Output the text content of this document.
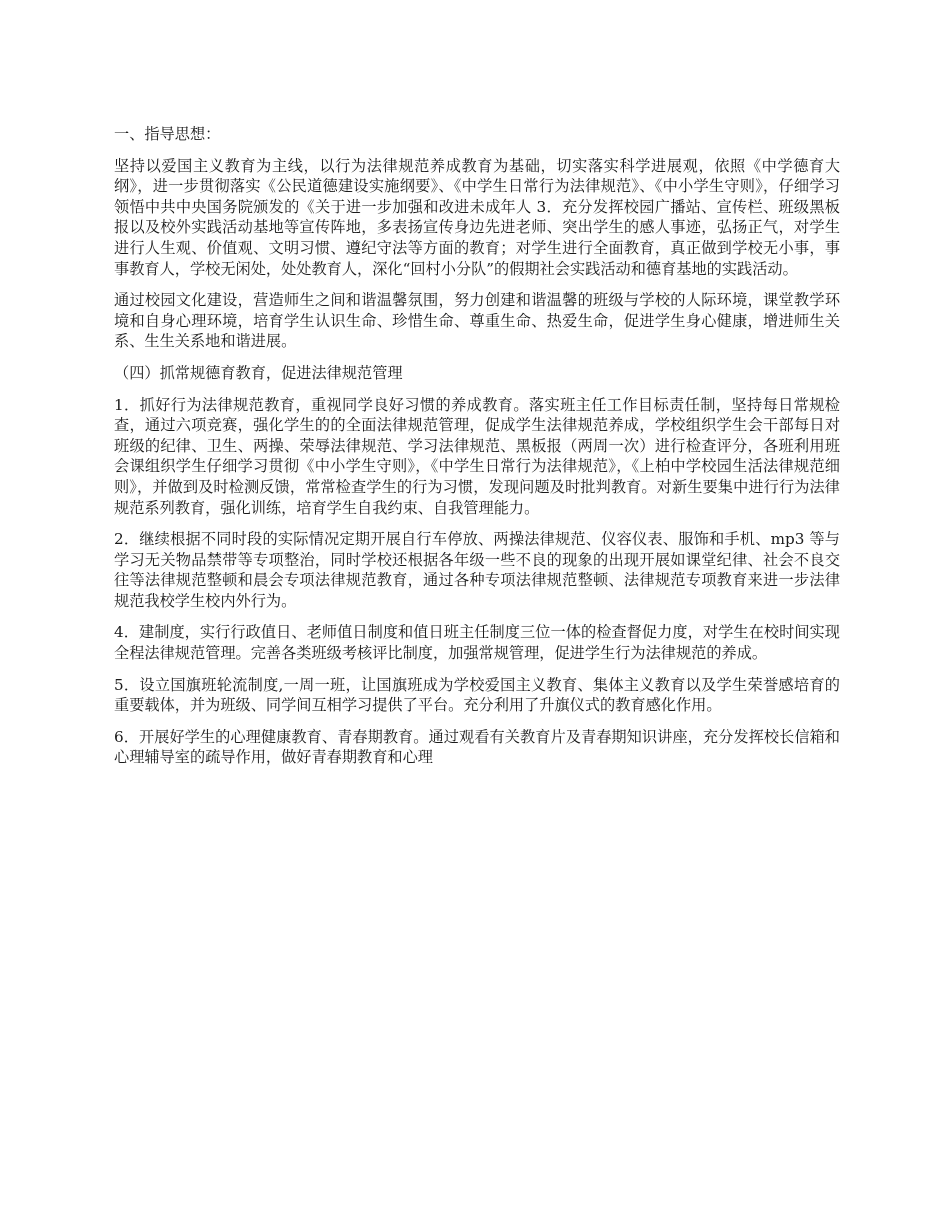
一、指导思想：

坚持以爱国主义教育为主线，以行为法律规范养成教育为基础，切实落实科学进展观，依照《中学德育大纲》，进一步贯彻落实《公民道德建设实施纲要》、《中学生日常行为法律规范》、《中小学生守则》，仔细学习领悟中共中央国务院颁发的《关于进一步加强和改进未成年人 3．充分发挥校园广播站、宣传栏、班级黑板报以及校外实践活动基地等宣传阵地，多表扬宣传身边先进老师、突出学生的感人事迹，弘扬正气，对学生进行人生观、价值观、文明习惯、遵纪守法等方面的教育；对学生进行全面教育，真正做到学校无小事，事事教育人，学校无闲处，处处教育人，深化“回村小分队”的假期社会实践活动和德育基地的实践活动。

通过校园文化建设，营造师生之间和谐温馨氛围，努力创建和谐温馨的班级与学校的人际环境，课堂教学环境和自身心理环境，培育学生认识生命、珍惜生命、尊重生命、热爱生命，促进学生身心健康，增进师生关系、生生关系地和谐进展。

（四）抓常规德育教育，促进法律规范管理

1．抓好行为法律规范教育，重视同学良好习惯的养成教育。落实班主任工作目标责任制，坚持每日常规检查，通过六项竞赛，强化学生的的全面法律规范管理，促成学生法律规范养成，学校组织学生会干部每日对班级的纪律、卫生、两操、荣辱法律规范、学习法律规范、黑板报（两周一次）进行检查评分，各班利用班会课组织学生仔细学习贯彻《中小学生守则》，《中学生日常行为法律规范》，《上柏中学校园生活法律规范细则》，并做到及时检测反馈，常常检查学生的行为习惯，发现问题及时批判教育。对新生要集中进行行为法律规范系列教育，强化训练，培育学生自我约束、自我管理能力。

2．继续根据不同时段的实际情况定期开展自行车停放、两操法律规范、仪容仪表、服饰和手机、mp3 等与学习无关物品禁带等专项整治，同时学校还根据各年级一些不良的现象的出现开展如课堂纪律、社会不良交往等法律规范整顿和晨会专项法律规范教育，通过各种专项法律规范整顿、法律规范专项教育来进一步法律规范我校学生校内外行为。

4．建制度，实行行政值日、老师值日制度和值日班主任制度三位一体的检查督促力度，对学生在校时间实现全程法律规范管理。完善各类班级考核评比制度，加强常规管理，促进学生行为法律规范的养成。

5．设立国旗班轮流制度,一周一班，让国旗班成为学校爱国主义教育、集体主义教育以及学生荣誉感培育的重要载体，并为班级、同学间互相学习提供了平台。充分利用了升旗仪式的教育感化作用。

6．开展好学生的心理健康教育、青春期教育。通过观看有关教育片及青春期知识讲座，充分发挥校长信箱和心理辅导室的疏导作用，做好青春期教育和心理
